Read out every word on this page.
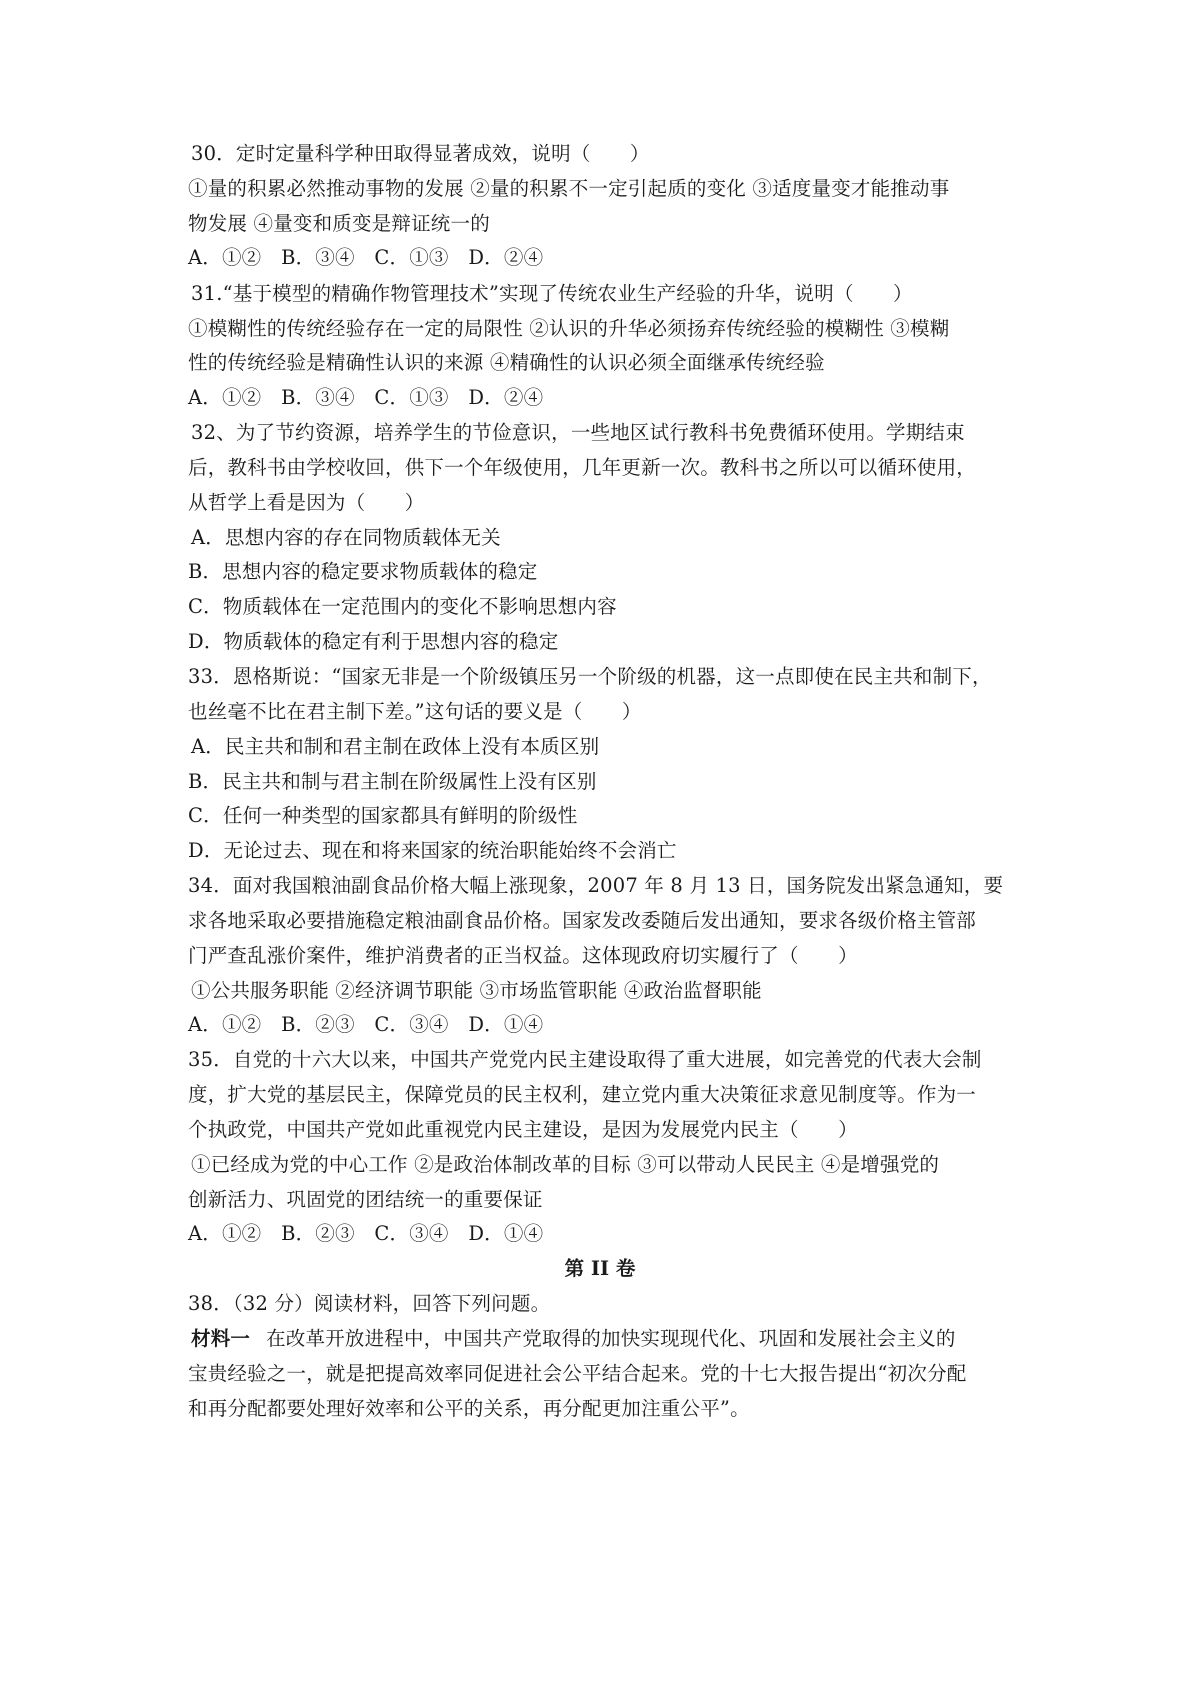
30．定时定量科学种田取得显著成效，说明（　　）
①量的积累必然推动事物的发展 ②量的积累不一定引起质的变化 ③适度量变才能推动事
物发展 ④量变和质变是辩证统一的
A．①②　B．③④　C．①③　D．②④
31.“基于模型的精确作物管理技术”实现了传统农业生产经验的升华，说明（　　）
①模糊性的传统经验存在一定的局限性 ②认识的升华必须扬弃传统经验的模糊性 ③模糊
性的传统经验是精确性认识的来源 ④精确性的认识必须全面继承传统经验
A．①②　B．③④　C．①③　D．②④
32、为了节约资源，培养学生的节俭意识，一些地区试行教科书免费循环使用。学期结束
后，教科书由学校收回，供下一个年级使用，几年更新一次。教科书之所以可以循环使用，
从哲学上看是因为（　　）
A．思想内容的存在同物质载体无关
B．思想内容的稳定要求物质载体的稳定
C．物质载体在一定范围内的变化不影响思想内容
D．物质载体的稳定有利于思想内容的稳定
33．恩格斯说：“国家无非是一个阶级镇压另一个阶级的机器，这一点即使在民主共和制下，
也丝毫不比在君主制下差。”这句话的要义是（　　）
A．民主共和制和君主制在政体上没有本质区别
B．民主共和制与君主制在阶级属性上没有区别
C．任何一种类型的国家都具有鲜明的阶级性
D．无论过去、现在和将来国家的统治职能始终不会消亡
34．面对我国粮油副食品价格大幅上涨现象，2007 年 8 月 13 日，国务院发出紧急通知，要
求各地采取必要措施稳定粮油副食品价格。国家发改委随后发出通知，要求各级价格主管部
门严查乱涨价案件，维护消费者的正当权益。这体现政府切实履行了（　　）
①公共服务职能 ②经济调节职能 ③市场监管职能 ④政治监督职能
A．①②　B．②③　C．③④　D．①④
35．自党的十六大以来，中国共产党党内民主建设取得了重大进展，如完善党的代表大会制
度，扩大党的基层民主，保障党员的民主权利，建立党内重大决策征求意见制度等。作为一
个执政党，中国共产党如此重视党内民主建设，是因为发展党内民主（　　）
①已经成为党的中心工作 ②是政治体制改革的目标 ③可以带动人民民主 ④是增强党的
创新活力、巩固党的团结统一的重要保证
A．①②　B．②③　C．③④　D．①④
第 II 卷
38．（32 分）阅读材料，回答下列问题。
材料一 在改革开放进程中，中国共产党取得的加快实现现代化、巩固和发展社会主义的
宝贵经验之一，就是把提高效率同促进社会公平结合起来。党的十七大报告提出“初次分配
和再分配都要处理好效率和公平的关系，再分配更加注重公平”。
